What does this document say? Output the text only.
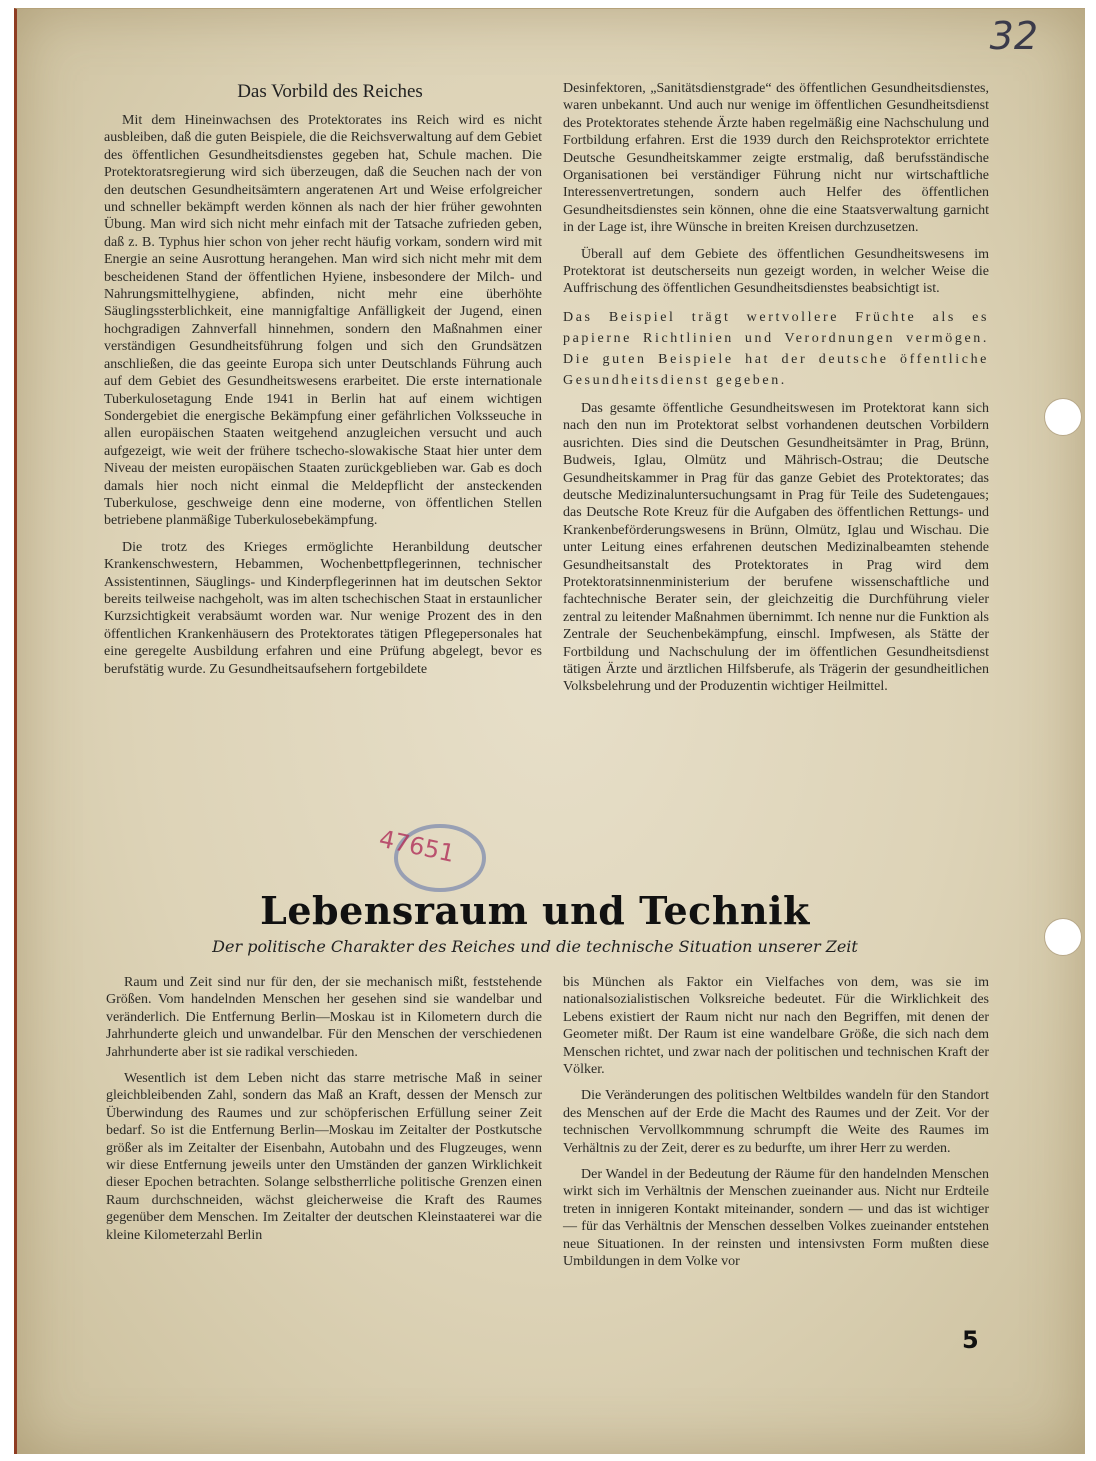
32
Das Vorbild des Reiches

Mit dem Hineinwachsen des Protektorates ins Reich wird es nicht ausbleiben, daß die guten Beispiele, die die Reichsverwaltung auf dem Gebiet des öffentlichen Gesundheitsdienstes gegeben hat, Schule machen. Die Protektoratsregierung wird sich überzeugen, daß die Seuchen nach der von den deutschen Gesundheitsämtern angeratenen Art und Weise erfolgreicher und schneller bekämpft werden können als nach der hier früher gewohnten Übung. Man wird sich nicht mehr einfach mit der Tatsache zufrieden geben, daß z. B. Typhus hier schon von jeher recht häufig vorkam, sondern wird mit Energie an seine Ausrottung herangehen. Man wird sich nicht mehr mit dem bescheidenen Stand der öffentlichen Hyiene, insbesondere der Milch- und Nahrungsmittelhygiene, abfinden, nicht mehr eine überhöhte Säuglingssterblichkeit, eine mannigfaltige Anfälligkeit der Jugend, einen hochgradigen Zahnverfall hinnehmen, sondern den Maßnahmen einer verständigen Gesundheitsführung folgen und sich den Grundsätzen anschließen, die das geeinte Europa sich unter Deutschlands Führung auch auf dem Gebiet des Gesundheitswesens erarbeitet. Die erste internationale Tuberkulosetagung Ende 1941 in Berlin hat auf einem wichtigen Sondergebiet die energische Bekämpfung einer gefährlichen Volksseuche in allen europäischen Staaten weitgehend anzugleichen versucht und auch aufgezeigt, wie weit der frühere tschecho-slowakische Staat hier unter dem Niveau der meisten europäischen Staaten zurückgeblieben war. Gab es doch damals hier noch nicht einmal die Meldepflicht der ansteckenden Tuberkulose, geschweige denn eine moderne, von öffentlichen Stellen betriebene planmäßige Tuberkulosebekämpfung.

Die trotz des Krieges ermöglichte Heranbildung deutscher Krankenschwestern, Hebammen, Wochenbettpflegerinnen, technischer Assistentinnen, Säuglings- und Kinderpflegerinnen hat im deutschen Sektor bereits teilweise nachgeholt, was im alten tschechischen Staat in erstaunlicher Kurzsichtigkeit verabsäumt worden war. Nur wenige Prozent des in den öffentlichen Krankenhäusern des Protektorates tätigen Pflegepersonales hat eine geregelte Ausbildung erfahren und eine Prüfung abgelegt, bevor es berufstätig wurde. Zu Gesundheitsaufsehern fortgebildete

Desinfektoren, „Sanitätsdienstgrade“ des öffentlichen Gesundheitsdienstes, waren unbekannt. Und auch nur wenige im öffentlichen Gesundheitsdienst des Protektorates stehende Ärzte haben regelmäßig eine Nachschulung und Fortbildung erfahren. Erst die 1939 durch den Reichsprotektor errichtete Deutsche Gesundheitskammer zeigte erstmalig, daß berufsständische Organisationen bei verständiger Führung nicht nur wirtschaftliche Interessenvertretungen, sondern auch Helfer des öffentlichen Gesundheitsdienstes sein können, ohne die eine Staatsverwaltung garnicht in der Lage ist, ihre Wünsche in breiten Kreisen durchzusetzen.

Überall auf dem Gebiete des öffentlichen Gesundheitswesens im Protektorat ist deutscherseits nun gezeigt worden, in welcher Weise die Auffrischung des öffentlichen Gesundheitsdienstes beabsichtigt ist.

Das Beispiel trägt wertvollere Früchte als es papierne Richtlinien und Verordnungen vermögen. Die guten Beispiele hat der deutsche öffentliche Gesundheitsdienst gegeben.

Das gesamte öffentliche Gesundheitswesen im Protektorat kann sich nach den nun im Protektorat selbst vorhandenen deutschen Vorbildern ausrichten. Dies sind die Deutschen Gesundheitsämter in Prag, Brünn, Budweis, Iglau, Olmütz und Mährisch-Ostrau; die Deutsche Gesundheitskammer in Prag für das ganze Gebiet des Protektorates; das deutsche Medizinaluntersuchungsamt in Prag für Teile des Sudetengaues; das Deutsche Rote Kreuz für die Aufgaben des öffentlichen Rettungs- und Krankenbeförderungswesens in Brünn, Olmütz, Iglau und Wischau. Die unter Leitung eines erfahrenen deutschen Medizinalbeamten stehende Gesundheitsanstalt des Protektorates in Prag wird dem Protektoratsinnenministerium der berufene wissenschaftliche und fachtechnische Berater sein, der gleichzeitig die Durchführung vieler zentral zu leitender Maßnahmen übernimmt. Ich nenne nur die Funktion als Zentrale der Seuchenbekämpfung, einschl. Impfwesen, als Stätte der Fortbildung und Nachschulung der im öffentlichen Gesundheitsdienst tätigen Ärzte und ärztlichen Hilfsberufe, als Trägerin der gesundheitlichen Volksbelehrung und der Produzentin wichtiger Heilmittel.

47651
Lebensraum und Technik
Der politische Charakter des Reiches und die technische Situation unserer Zeit

Raum und Zeit sind nur für den, der sie mechanisch mißt, feststehende Größen. Vom handelnden Menschen her gesehen sind sie wandelbar und veränderlich. Die Entfernung Berlin—Moskau ist in Kilometern durch die Jahrhunderte gleich und unwandelbar. Für den Menschen der verschiedenen Jahrhunderte aber ist sie radikal verschieden.

Wesentlich ist dem Leben nicht das starre metrische Maß in seiner gleichbleibenden Zahl, sondern das Maß an Kraft, dessen der Mensch zur Überwindung des Raumes und zur schöpferischen Erfüllung seiner Zeit bedarf. So ist die Entfernung Berlin—Moskau im Zeitalter der Postkutsche größer als im Zeitalter der Eisenbahn, Autobahn und des Flugzeuges, wenn wir diese Entfernung jeweils unter den Umständen der ganzen Wirklichkeit dieser Epochen betrachten. Solange selbstherrliche politische Grenzen einen Raum durchschneiden, wächst gleicherweise die Kraft des Raumes gegenüber dem Menschen. Im Zeitalter der deutschen Kleinstaaterei war die kleine Kilometerzahl Berlin

bis München als Faktor ein Vielfaches von dem, was sie im nationalsozialistischen Volksreiche bedeutet. Für die Wirklichkeit des Lebens existiert der Raum nicht nur nach den Begriffen, mit denen der Geometer mißt. Der Raum ist eine wandelbare Größe, die sich nach dem Menschen richtet, und zwar nach der politischen und technischen Kraft der Völker.

Die Veränderungen des politischen Weltbildes wandeln für den Standort des Menschen auf der Erde die Macht des Raumes und der Zeit. Vor der technischen Vervollkommnung schrumpft die Weite des Raumes im Verhältnis zu der Zeit, derer es zu bedurfte, um ihrer Herr zu werden.

Der Wandel in der Bedeutung der Räume für den handelnden Menschen wirkt sich im Verhältnis der Menschen zueinander aus. Nicht nur Erdteile treten in innigeren Kontakt miteinander, sondern — und das ist wichtiger — für das Verhältnis der Menschen desselben Volkes zueinander entstehen neue Situationen. In der reinsten und intensivsten Form mußten diese Umbildungen in dem Volke vor

5
